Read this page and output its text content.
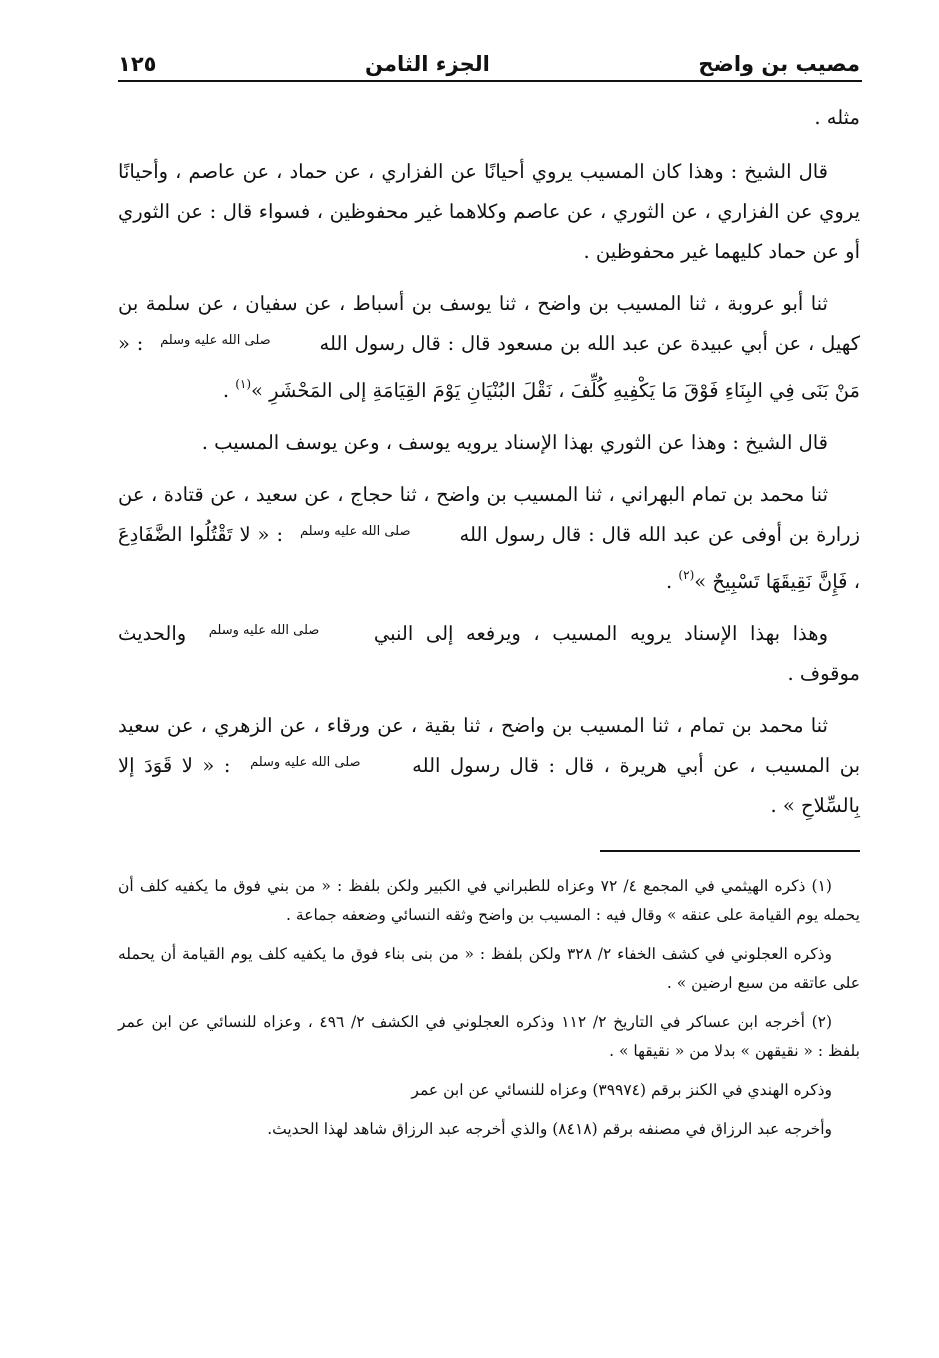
مصيب بن واضح
الجزء الثامن
١٢٥

مثله .

قال الشيخ : وهذا كان المسيب يروي أحيانًا عن الفزاري ، عن حماد ، عن عاصم ، وأحيانًا يروي عن الفزاري ، عن الثوري ، عن عاصم وكلاهما غير محفوظين ، فسواء قال : عن الثوري أو عن حماد كليهما غير محفوظين .

ثنا أبو عروبة ، ثنا المسيب بن واضح ، ثنا يوسف بن أسباط ، عن سفيان ، عن سلمة بن كهيل ، عن أبي عبيدة عن عبد الله بن مسعود قال : قال رسول الله صلى الله عليه وسلم : « مَنْ بَنَى فِي البِنَاءِ فَوْقَ مَا يَكْفِيهِ كُلِّفَ ، نَقْلَ البُنْيَانِ يَوْمَ القِيَامَةِ إلى المَحْشَرِ »$^{(١)}$ .

قال الشيخ : وهذا عن الثوري بهذا الإسناد يرويه يوسف ، وعن يوسف المسيب .

ثنا محمد بن تمام البهراني ، ثنا المسيب بن واضح ، ثنا حجاج ، عن سعيد ، عن قتادة ، عن زرارة بن أوفى عن عبد الله قال : قال رسول الله صلى الله عليه وسلم : « لا تَقْتُلُوا الضَّفَادِعَ ، فَإِنَّ نَقِيقَهَا تَسْبِيحٌ »$^{(٢)}$ .

وهذا بهذا الإسناد يرويه المسيب ، ويرفعه إلى النبي صلى الله عليه وسلم والحديث موقوف .

ثنا محمد بن تمام ، ثنا المسيب بن واضح ، ثنا بقية ، عن ورقاء ، عن الزهري ، عن سعيد بن المسيب ، عن أبي هريرة ، قال : قال رسول الله صلى الله عليه وسلم : « لا قَوَدَ إلا بِالسِّلاحِ » .

(١) ذكره الهيثمي في المجمع ٤/ ٧٢ وعزاه للطبراني في الكبير ولكن بلفظ : « من بني فوق ما يكفيه كلف أن يحمله يوم القيامة على عنقه » وقال فيه : المسيب بن واضح وثقه النسائي وضعفه جماعة .

وذكره العجلوني في كشف الخفاء ٢/ ٣٢٨ ولكن بلفظ : « من بنى بناء فوق ما يكفيه كلف يوم القيامة أن يحمله على عاتقه من سبع ارضين » .

(٢) أخرجه ابن عساكر في التاريخ ٢/ ١١٢ وذكره العجلوني في الكشف ٢/ ٤٩٦ ، وعزاه للنسائي عن ابن عمر بلفظ : « نقيقهن » بدلا من « نقيقها » .

وذكره الهندي في الكنز برقم (٣٩٩٧٤) وعزاه للنسائي عن ابن عمر

وأخرجه عبد الرزاق في مصنفه برقم (٨٤١٨) والذي أخرجه عبد الرزاق شاهد لهذا الحديث.
